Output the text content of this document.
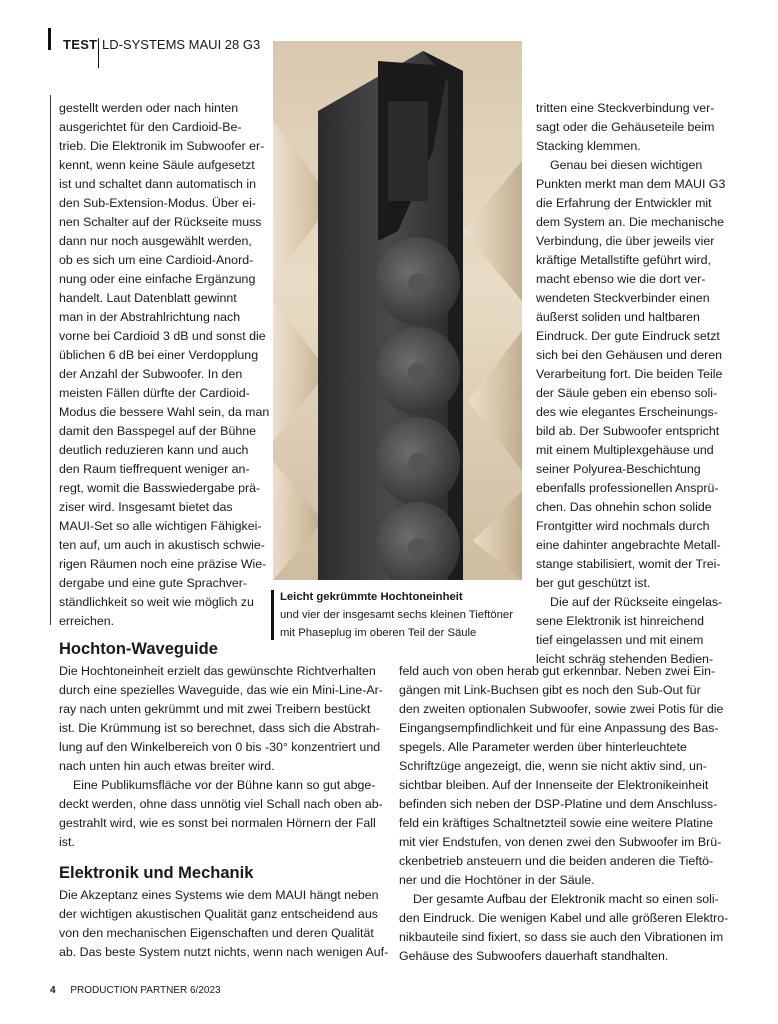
TEST LD-SYSTEMS MAUI 28 G3

gestellt werden oder nach hinten
ausgerichtet für den Cardioid-Be-
trieb. Die Elektronik im Subwoofer er-
kennt, wenn keine Säule aufgesetzt
ist und schaltet dann automatisch in
den Sub-Extension-Modus. Über ei-
nen Schalter auf der Rückseite muss
dann nur noch ausgewählt werden,
ob es sich um eine Cardioid-Anord-
nung oder eine einfache Ergänzung
handelt. Laut Datenblatt gewinnt
man in der Abstrahlrichtung nach
vorne bei Cardioid 3 dB und sonst die
üblichen 6 dB bei einer Verdopplung
der Anzahl der Subwoofer. In den
meisten Fällen dürfte der Cardioid-
Modus die bessere Wahl sein, da man
damit den Basspegel auf der Bühne
deutlich reduzieren kann und auch
den Raum tieffrequent weniger an-
regt, womit die Basswiedergabe prä-
ziser wird. Insgesamt bietet das
MAUI-Set so alle wichtigen Fähigkei-
ten auf, um auch in akustisch schwie-
rigen Räumen noch eine präzise Wie-
dergabe und eine gute Sprachver-
ständlichkeit so weit wie möglich zu
erreichen.

Leicht gekrümmte Hochtoneinheit
und vier der insgesamt sechs kleinen Tieftöner
mit Phaseplug im oberen Teil der Säule

tritten eine Steckverbindung ver-
sagt oder die Gehäuseteile beim
Stacking klemmen.

Genau bei diesen wichtigen
Punkten merkt man dem MAUI G3
die Erfahrung der Entwickler mit
dem System an. Die mechanische
Verbindung, die über jeweils vier
kräftige Metallstifte geführt wird,
macht ebenso wie die dort ver-
wendeten Steckverbinder einen
äußerst soliden und haltbaren
Eindruck. Der gute Eindruck setzt
sich bei den Gehäusen und deren
Verarbeitung fort. Die beiden Teile
der Säule geben ein ebenso soli-
des wie elegantes Erscheinungs-
bild ab. Der Subwoofer entspricht
mit einem Multiplexgehäuse und
seiner Polyurea-Beschichtung
ebenfalls professionellen Ansprü-
chen. Das ohnehin schon solide
Frontgitter wird nochmals durch
eine dahinter angebrachte Metall-
stange stabilisiert, womit der Trei-
ber gut geschützt ist.

Die auf der Rückseite eingelas-
sene Elektronik ist hinreichend
tief eingelassen und mit einem
leicht schräg stehenden Bedien-

Hochton-Waveguide

Die Hochtoneinheit erzielt das gewünschte Richtverhalten
durch eine spezielles Waveguide, das wie ein Mini-Line-Ar-
ray nach unten gekrümmt und mit zwei Treibern bestückt
ist. Die Krümmung ist so berechnet, dass sich die Abstrah-
lung auf den Winkelbereich von 0 bis -30° konzentriert und
nach unten hin auch etwas breiter wird.

Eine Publikumsfläche vor der Bühne kann so gut abge-
deckt werden, ohne dass unnötig viel Schall nach oben ab-
gestrahlt wird, wie es sonst bei normalen Hörnern der Fall
ist.

Elektronik und Mechanik

Die Akzeptanz eines Systems wie dem MAUI hängt neben
der wichtigen akustischen Qualität ganz entscheidend aus
von den mechanischen Eigenschaften und deren Qualität
ab. Das beste System nutzt nichts, wenn nach wenigen Auf-

feld auch von oben herab gut erkennbar. Neben zwei Ein-
gängen mit Link-Buchsen gibt es noch den Sub-Out für
den zweiten optionalen Subwoofer, sowie zwei Potis für die
Eingangsempfindlichkeit und für eine Anpassung des Bas-
spegels. Alle Parameter werden über hinterleuchtete
Schriftzüge angezeigt, die, wenn sie nicht aktiv sind, un-
sichtbar bleiben. Auf der Innenseite der Elektronikeinheit
befinden sich neben der DSP-Platine und dem Anschluss-
feld ein kräftiges Schaltnetzteil sowie eine weitere Platine
mit vier Endstufen, von denen zwei den Subwoofer im Brü-
ckenbetrieb ansteuern und die beiden anderen die Tieftö-
ner und die Hochtöner in der Säule.

Der gesamte Aufbau der Elektronik macht so einen soli-
den Eindruck. Die wenigen Kabel und alle größeren Elektro-
nikbauteile sind fixiert, so dass sie auch den Vibrationen im
Gehäuse des Subwoofers dauerhaft standhalten.

4 PRODUCTION PARTNER 6/2023
